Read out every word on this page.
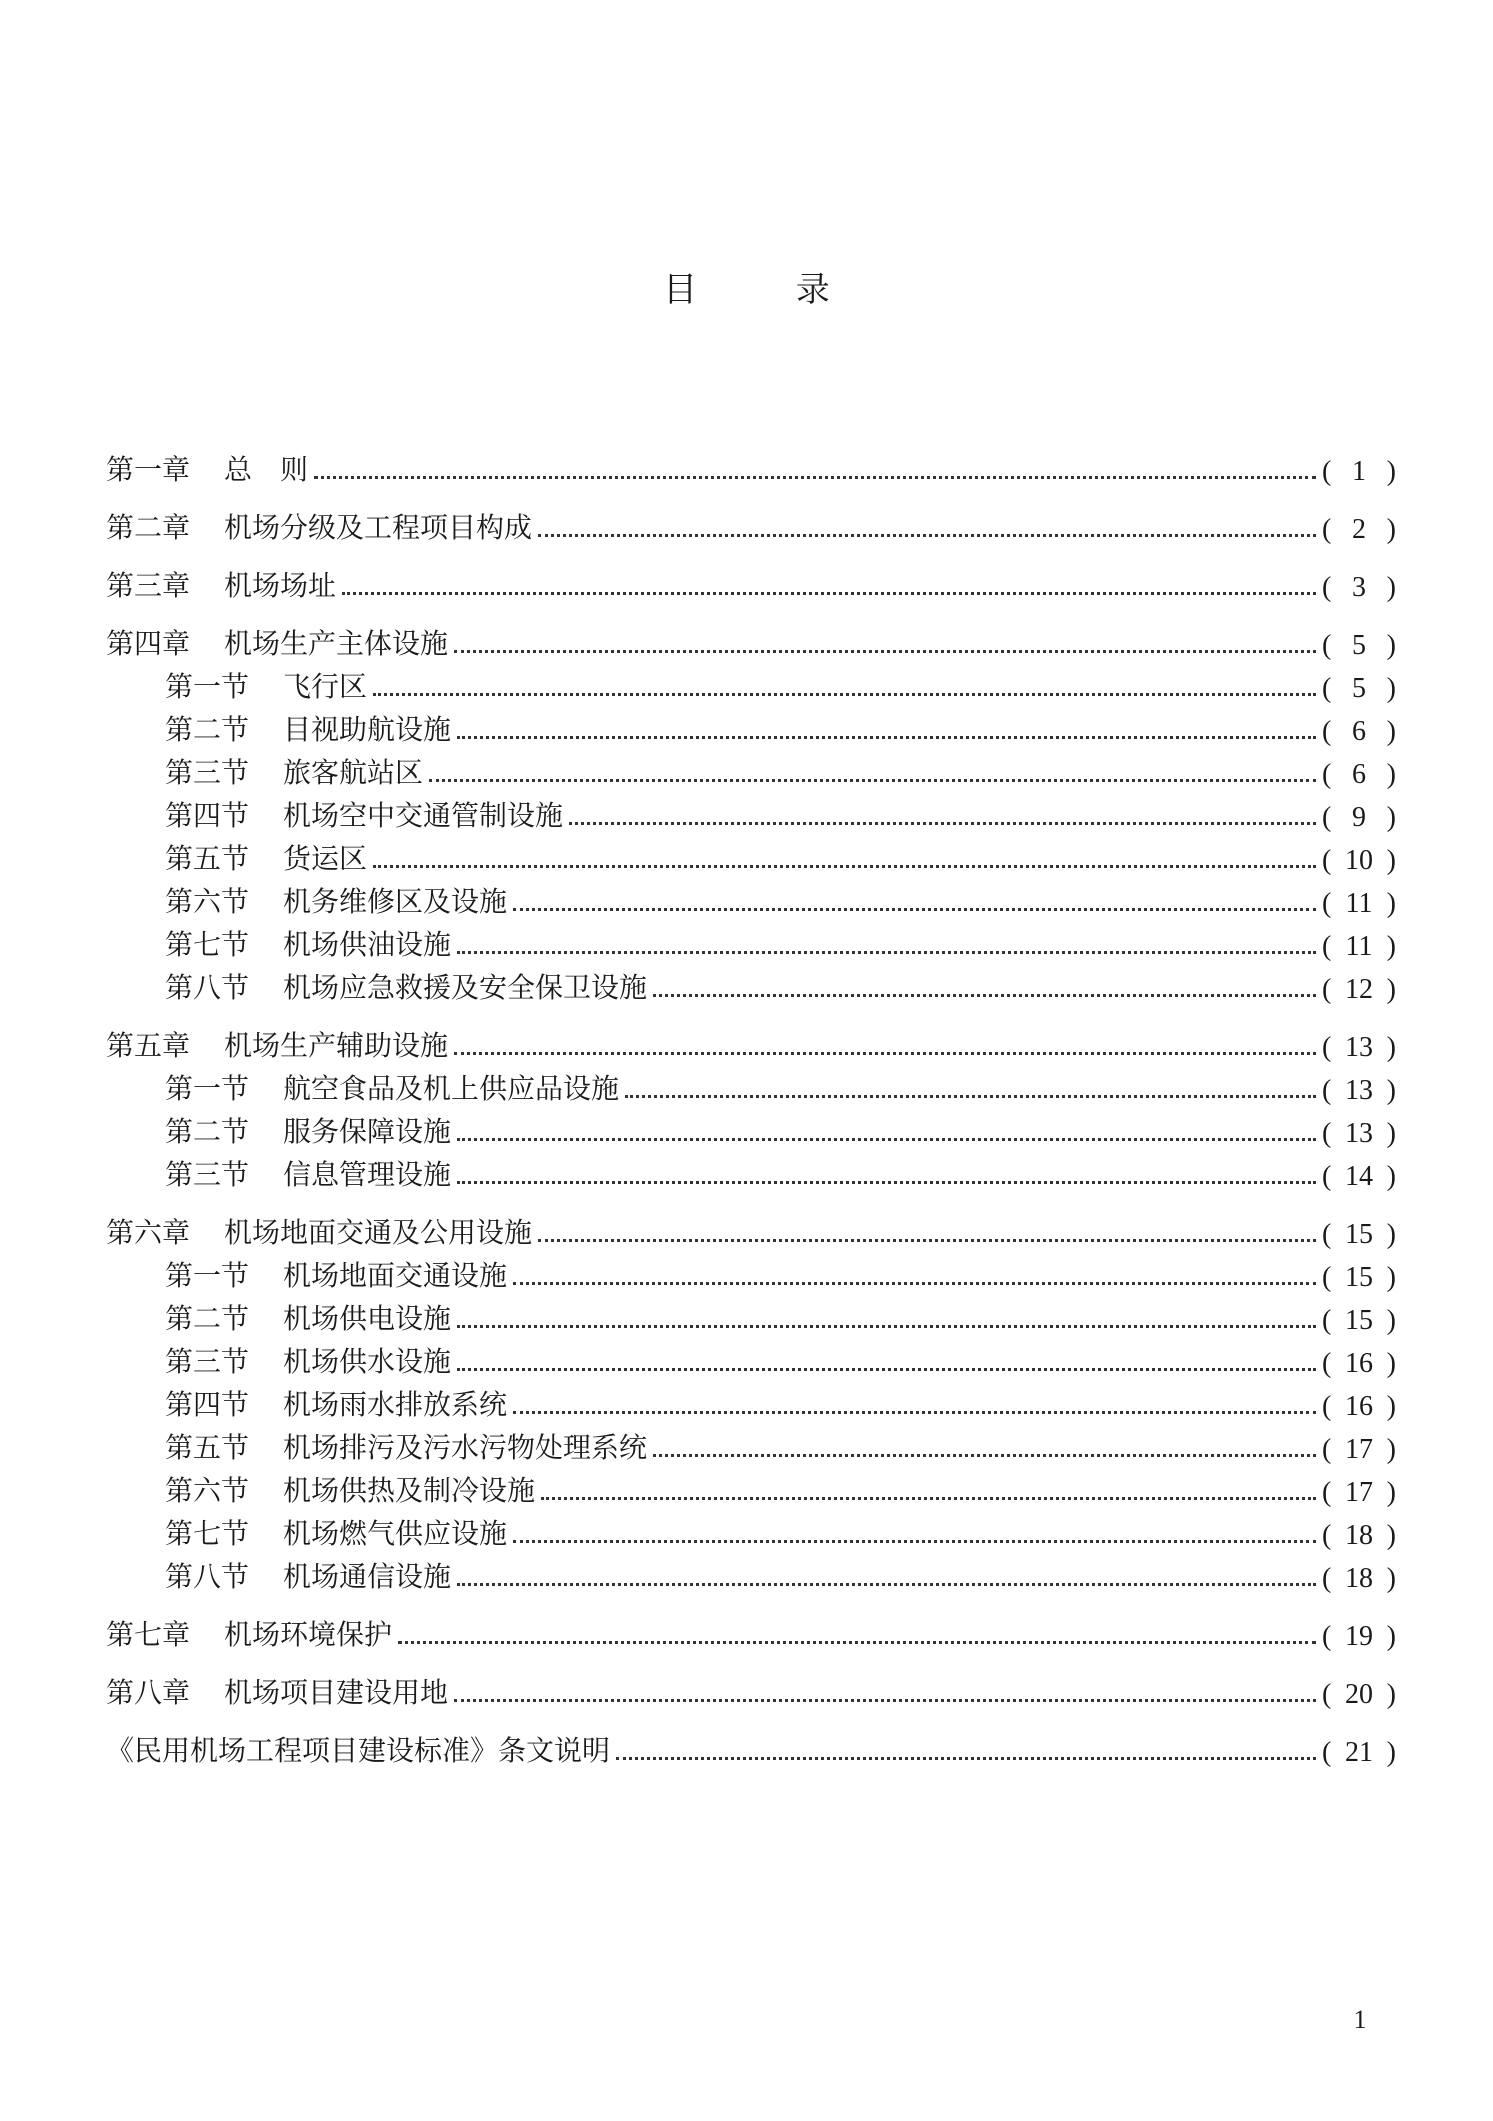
目 录
第一章	总　则	( 1 )
第二章	机场分级及工程项目构成	( 2 )
第三章	机场场址	( 3 )
第四章	机场生产主体设施	( 5 )
第一节	飞行区	( 5 )
第二节	目视助航设施	( 6 )
第三节	旅客航站区	( 6 )
第四节	机场空中交通管制设施	( 9 )
第五节	货运区	( 10 )
第六节	机务维修区及设施	( 11 )
第七节	机场供油设施	( 11 )
第八节	机场应急救援及安全保卫设施	( 12 )
第五章	机场生产辅助设施	( 13 )
第一节	航空食品及机上供应品设施	( 13 )
第二节	服务保障设施	( 13 )
第三节	信息管理设施	( 14 )
第六章	机场地面交通及公用设施	( 15 )
第一节	机场地面交通设施	( 15 )
第二节	机场供电设施	( 15 )
第三节	机场供水设施	( 16 )
第四节	机场雨水排放系统	( 16 )
第五节	机场排污及污水污物处理系统	( 17 )
第六节	机场供热及制冷设施	( 17 )
第七节	机场燃气供应设施	( 18 )
第八节	机场通信设施	( 18 )
第七章	机场环境保护	( 19 )
第八章	机场项目建设用地	( 20 )
《民用机场工程项目建设标准》条文说明	( 21 )
1
